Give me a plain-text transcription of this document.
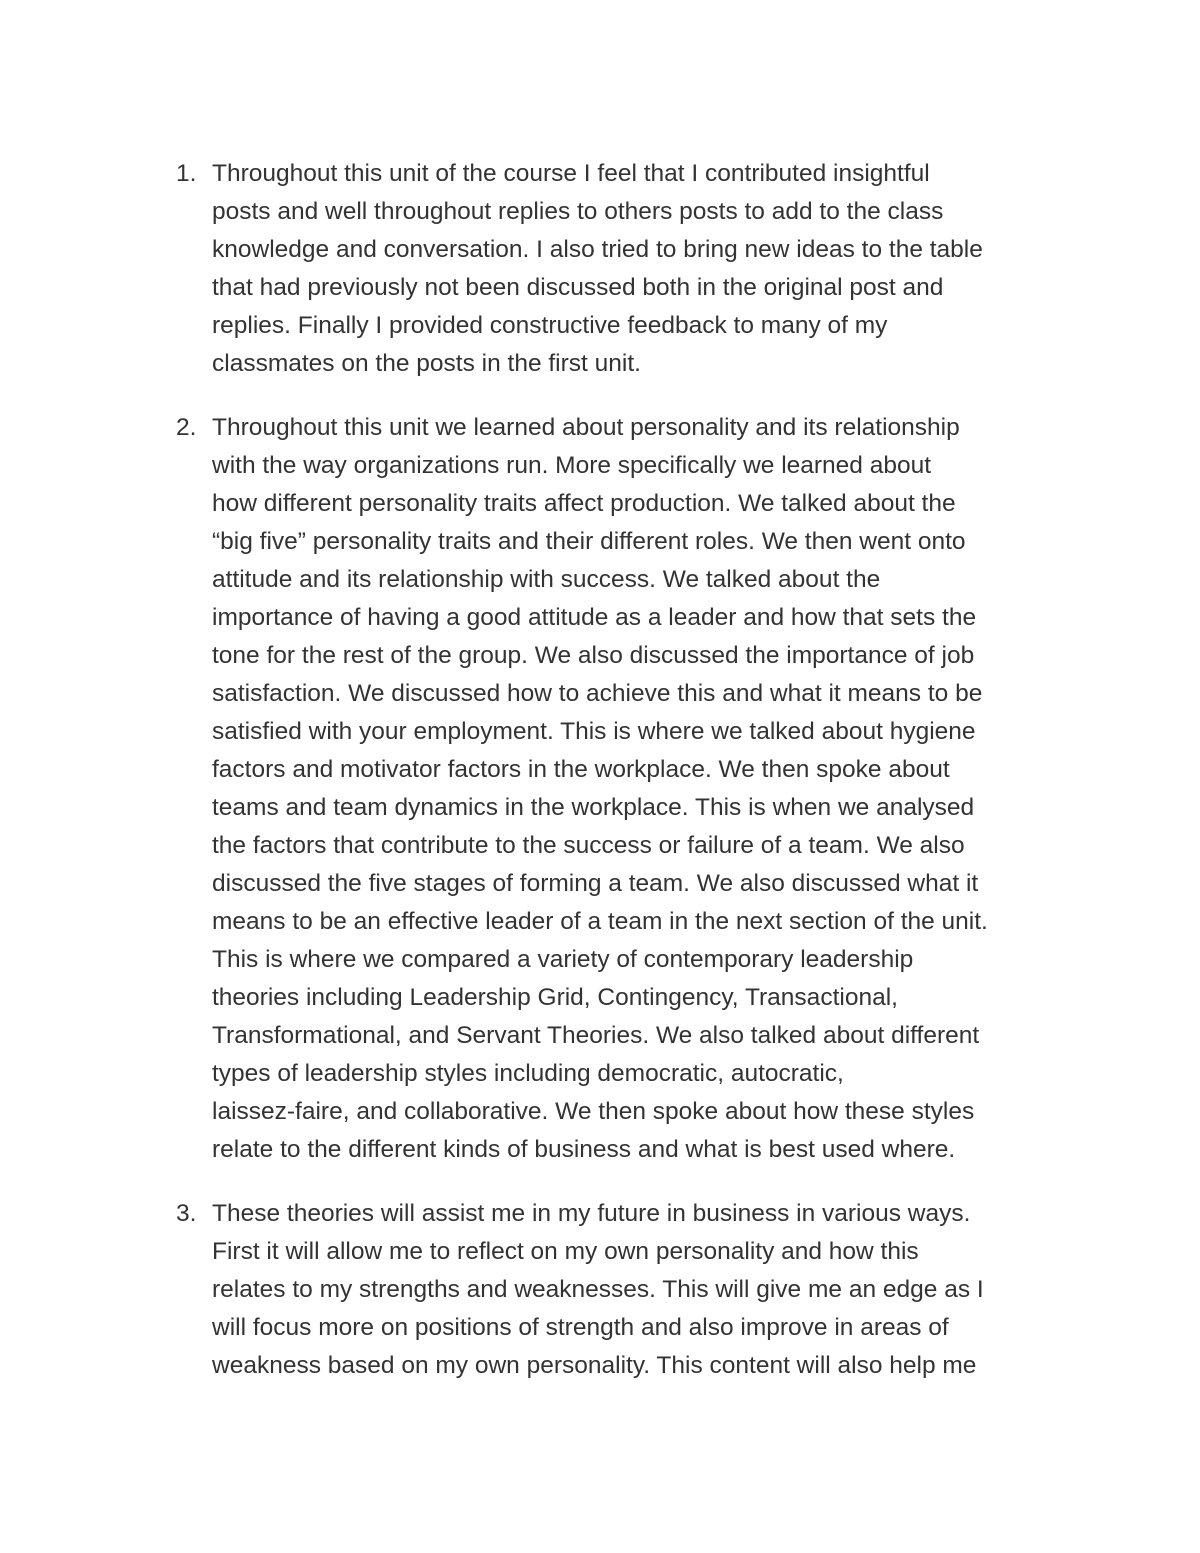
1. Throughout this unit of the course I feel that I contributed insightful
posts and well throughout replies to others posts to add to the class
knowledge and conversation. I also tried to bring new ideas to the table
that had previously not been discussed both in the original post and
replies. Finally I provided constructive feedback to many of my
classmates on the posts in the first unit.
2. Throughout this unit we learned about personality and its relationship
with the way organizations run. More specifically we learned about
how different personality traits affect production. We talked about the
“big five” personality traits and their different roles. We then went onto
attitude and its relationship with success. We talked about the
importance of having a good attitude as a leader and how that sets the
tone for the rest of the group. We also discussed the importance of job
satisfaction. We discussed how to achieve this and what it means to be
satisfied with your employment. This is where we talked about hygiene
factors and motivator factors in the workplace. We then spoke about
teams and team dynamics in the workplace. This is when we analysed
the factors that contribute to the success or failure of a team. We also
discussed the five stages of forming a team. We also discussed what it
means to be an effective leader of a team in the next section of the unit.
This is where we compared a variety of contemporary leadership
theories including Leadership Grid, Contingency, Transactional,
Transformational, and Servant Theories. We also talked about different
types of leadership styles including democratic, autocratic,
laissez-faire, and collaborative. We then spoke about how these styles
relate to the different kinds of business and what is best used where.
3. These theories will assist me in my future in business in various ways.
First it will allow me to reflect on my own personality and how this
relates to my strengths and weaknesses. This will give me an edge as I
will focus more on positions of strength and also improve in areas of
weakness based on my own personality. This content will also help me
